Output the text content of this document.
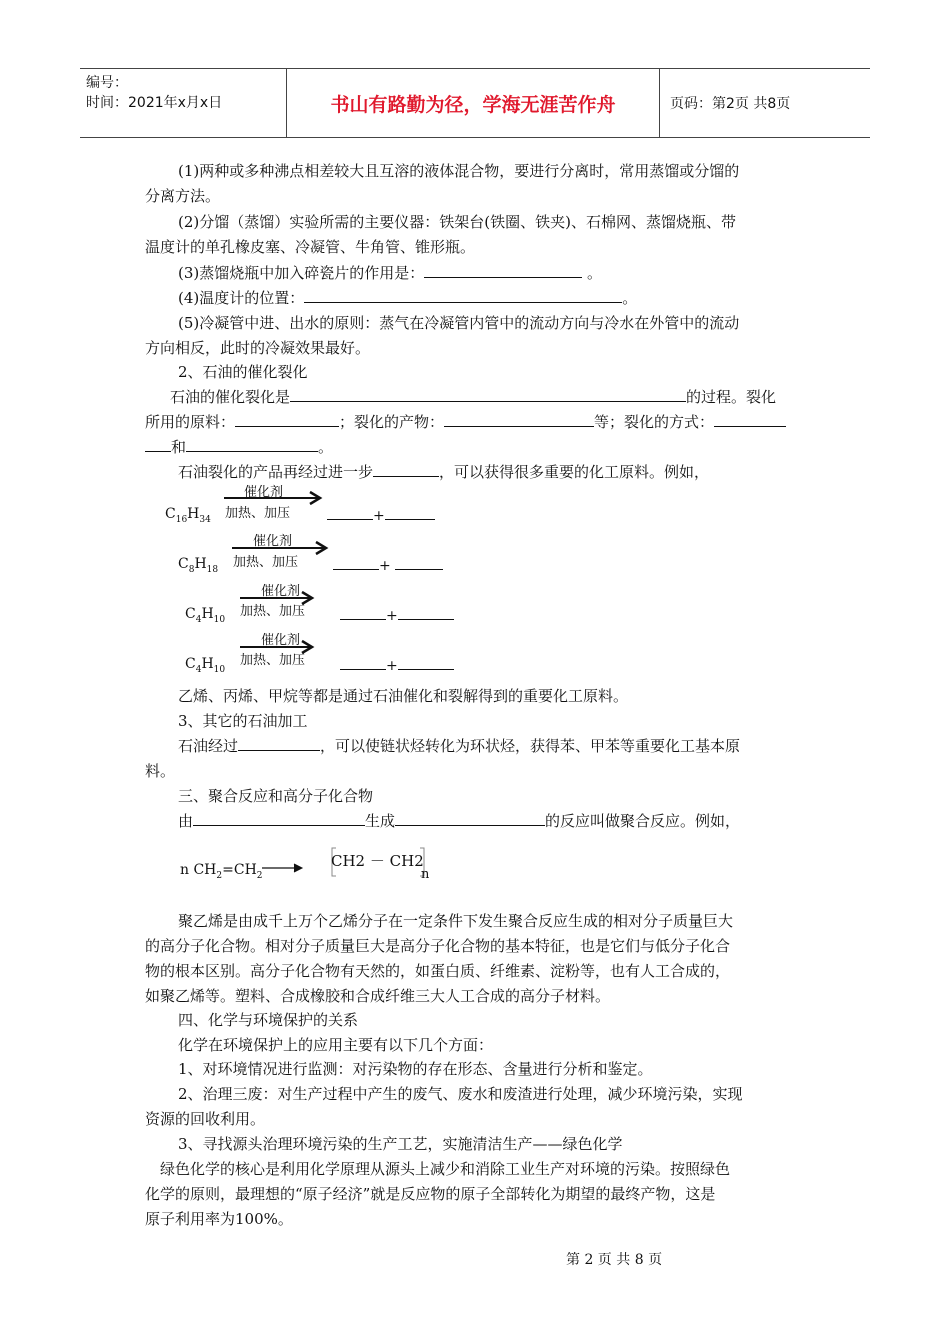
编号：
时间：2021年x月x日	书山有路勤为径，学海无涯苦作舟	页码：第2页 共8页
(1)两种或多种沸点相差较大且互溶的液体混合物，要进行分离时，常用蒸馏或分馏的
分离方法。
(2)分馏（蒸馏）实验所需的主要仪器：铁架台(铁圈、铁夹)、石棉网、蒸馏烧瓶、带
温度计的单孔橡皮塞、冷凝管、牛角管、锥形瓶。
(3)蒸馏烧瓶中加入碎瓷片的作用是：	。
(4)温度计的位置：	。
(5)冷凝管中进、出水的原则：蒸气在冷凝管内管中的流动方向与冷水在外管中的流动
方向相反，此时的冷凝效果最好。
2、石油的催化裂化
石油的催化裂化是	的过程。裂化
所用的原料：	；裂化的产物：	等；裂化的方式：
和	。
石油裂化的产品再经过进一步	，可以获得很多重要的化工原料。例如，
$C_{16}H_{34}$
催化剂
加热、加压	+
$C_8H_{18}$
催化剂
加热、加压	+
$C_4H_{10}$
催化剂
加热、加压	+
$C_4H_{10}$
催化剂
加热、加压	+
乙烯、丙烯、甲烷等都是通过石油催化和裂解得到的重要化工原料。
3、其它的石油加工
石油经过	，可以使链状烃转化为环状烃，获得苯、甲苯等重要化工基本原
料。
三、聚合反应和高分子化合物
由	生成	的反应叫做聚合反应。例如，
n $CH_2=CH_2$
CH2 － CH2
n
聚乙烯是由成千上万个乙烯分子在一定条件下发生聚合反应生成的相对分子质量巨大
的高分子化合物。相对分子质量巨大是高分子化合物的基本特征，也是它们与低分子化合
物的根本区别。高分子化合物有天然的，如蛋白质、纤维素、淀粉等，也有人工合成的，
如聚乙烯等。塑料、合成橡胶和合成纤维三大人工合成的高分子材料。
四、化学与环境保护的关系
化学在环境保护上的应用主要有以下几个方面：
1、对环境情况进行监测：对污染物的存在形态、含量进行分析和鉴定。
2、治理三废：对生产过程中产生的废气、废水和废渣进行处理，减少环境污染，实现
资源的回收利用。
3、寻找源头治理环境污染的生产工艺，实施清洁生产——绿色化学
绿色化学的核心是利用化学原理从源头上减少和消除工业生产对环境的污染。按照绿色
化学的原则，最理想的“原子经济”就是反应物的原子全部转化为期望的最终产物，这是
原子利用率为100%。
第 2 页 共 8 页
